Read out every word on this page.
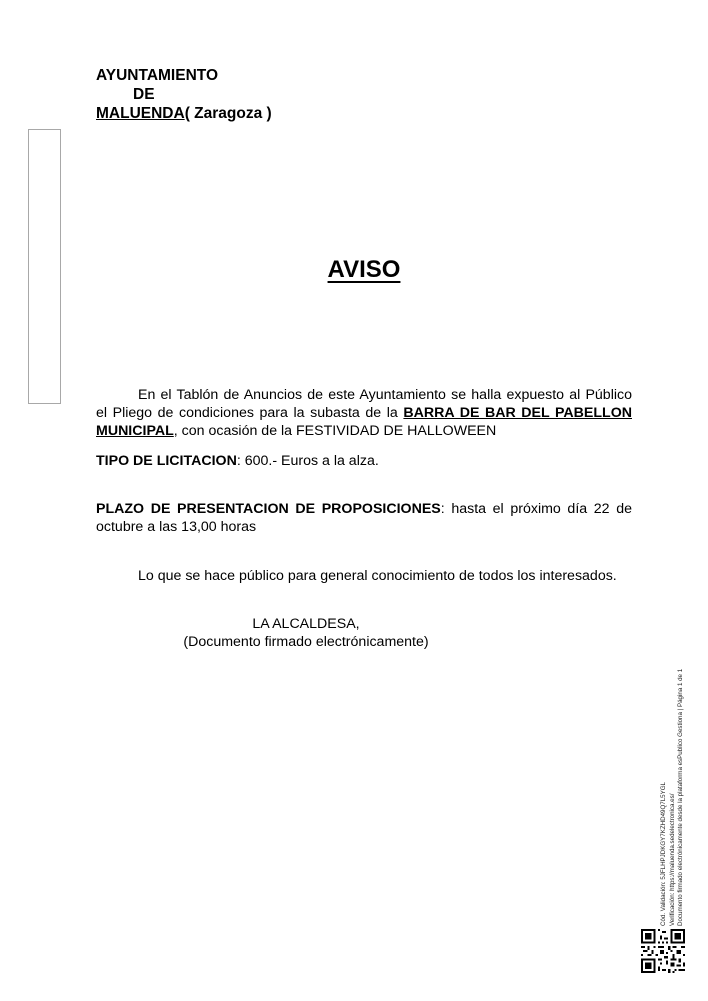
AYUNTAMIENTO
DE
MALUENDA( Zaragoza )
AVISO
En el Tablón de Anuncios de este Ayuntamiento se halla expuesto al Público el Pliego de condiciones para la subasta de la BARRA DE BAR DEL PABELLON MUNICIPAL, con ocasión de la FESTIVIDAD DE HALLOWEEN
TIPO DE LICITACION: 600.- Euros a la alza.
PLAZO DE PRESENTACION DE PROPOSICIONES: hasta el próximo día 22 de octubre a las 13,00 horas
Lo que se hace público para general conocimiento de todos los interesados.
LA ALCALDESA,
(Documento firmado electrónicamente)
Cód. Validación: 5JFLHPJDKGY7KZHD49Q7L5YGL Verificación: https://maluenda.sedelectronica.es/ Documento firmado electrónicamente desde la plataforma esPublico Gestiona | Página 1 de 1
